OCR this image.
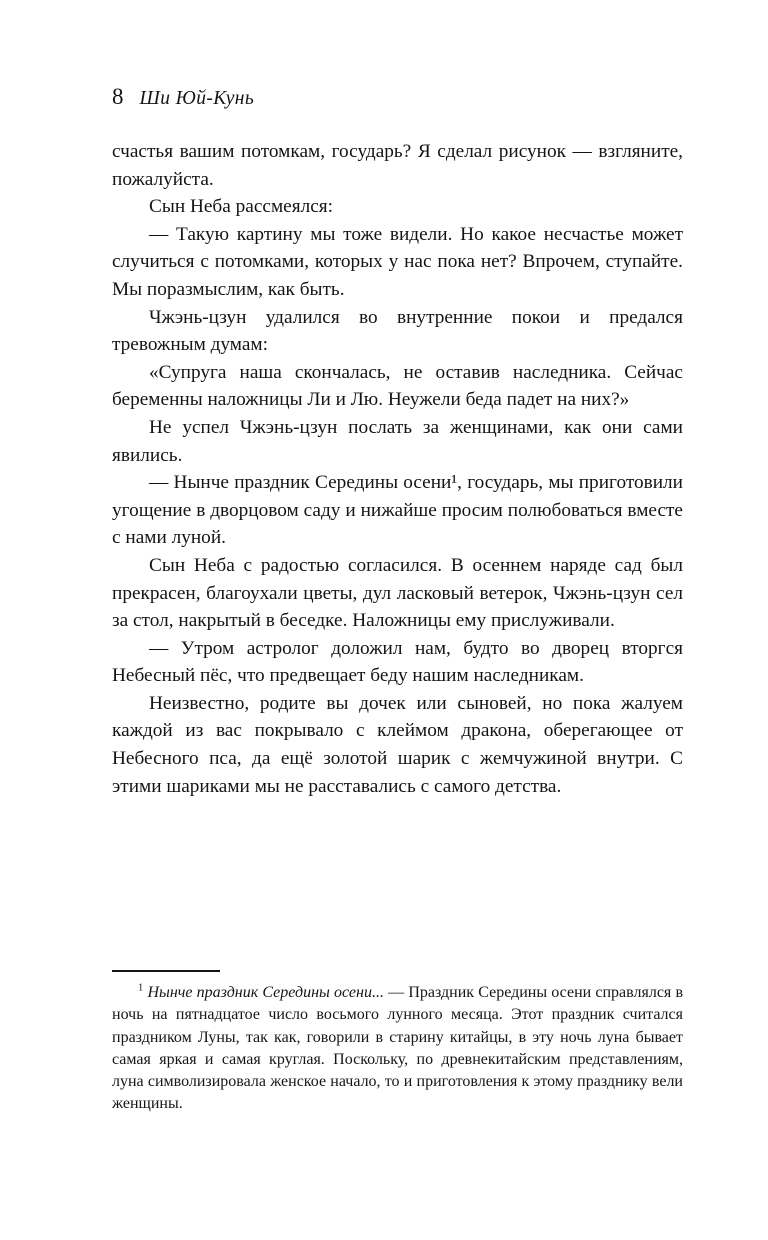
8 Ши Юй-Кунь

счастья вашим потомкам, государь? Я сделал рисунок — взгляните, пожалуйста.

Сын Неба рассмеялся:

— Такую картину мы тоже видели. Но какое несчастье может случиться с потомками, которых у нас пока нет? Впрочем, ступайте. Мы поразмыслим, как быть.

Чжэнь-цзун удалился во внутренние покои и предался тревожным думам:

«Супруга наша скончалась, не оставив наследника. Сейчас беременны наложницы Ли и Лю. Неужели беда падет на них?»

Не успел Чжэнь-цзун послать за женщинами, как они сами явились.

— Нынче праздник Середины осени¹, государь, мы приготовили угощение в дворцовом саду и нижайше просим полюбоваться вместе с нами луной.

Сын Неба с радостью согласился. В осеннем наряде сад был прекрасен, благоухали цветы, дул ласковый ветерок, Чжэнь-цзун сел за стол, накрытый в беседке. Наложницы ему прислуживали.

— Утром астролог доложил нам, будто во дворец вторгся Небесный пёс, что предвещает беду нашим наследникам.

Неизвестно, родите вы дочек или сыновей, но пока жалуем каждой из вас покрывало с клеймом дракона, оберегающее от Небесного пса, да ещё золотой шарик с жемчужиной внутри. С этими шариками мы не расставались с самого детства.

$^1$ Нынче праздник Середины осени... — Праздник Середины осени справлялся в ночь на пятнадцатое число восьмого лунного месяца. Этот праздник считался праздником Луны, так как, говорили в старину китайцы, в эту ночь луна бывает самая яркая и самая круглая. Поскольку, по древнекитайским представлениям, луна символизировала женское начало, то и приготовления к этому празднику вели женщины.
